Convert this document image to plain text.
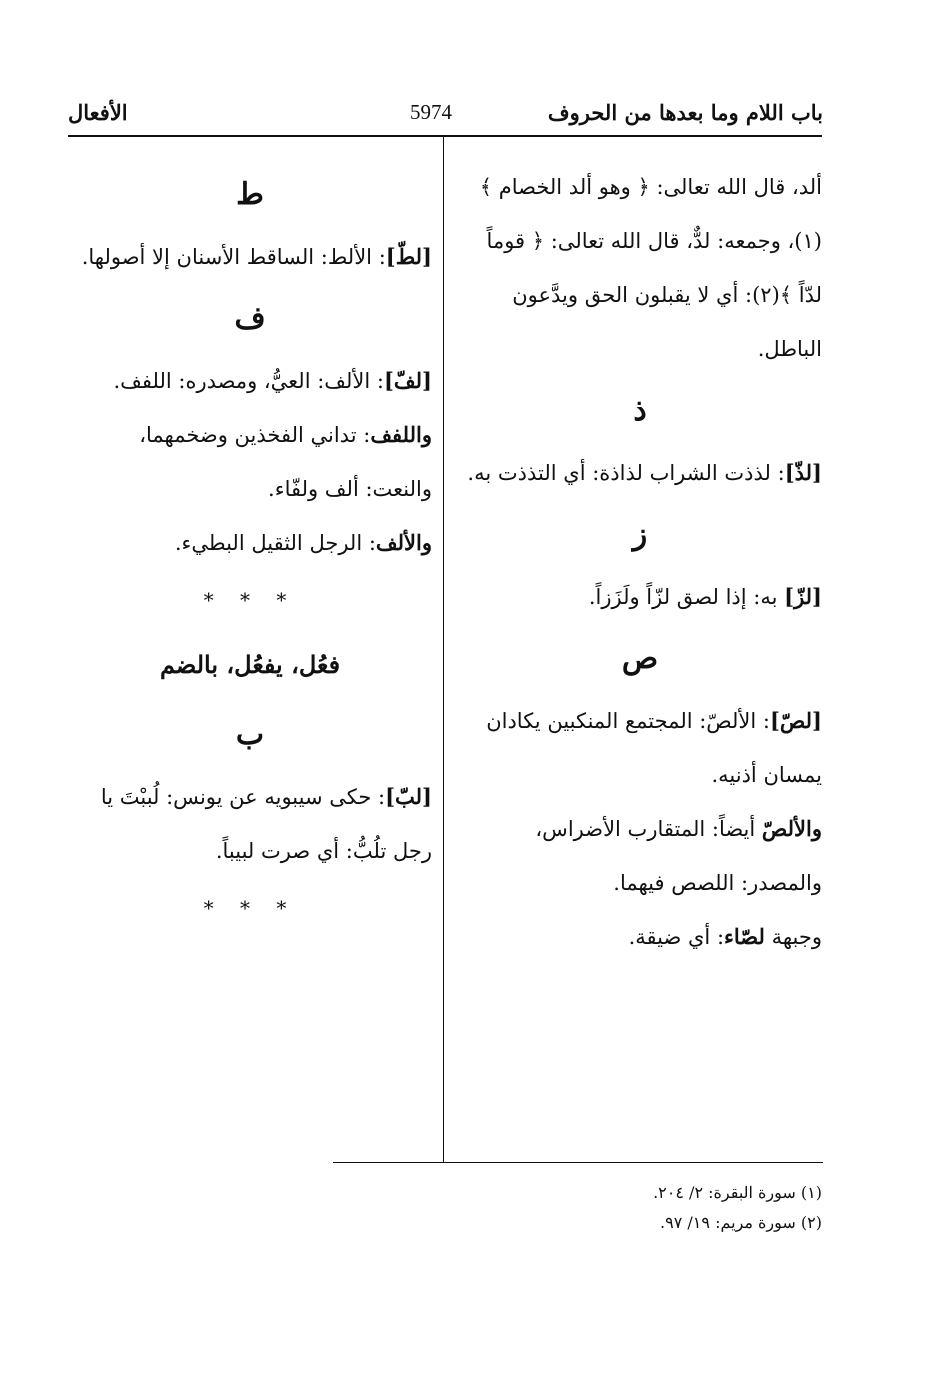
باب اللام وما بعدها من الحروف
5974
الأفعال

ألد، قال الله تعالى: ﴿ وهو ألد الخصام ﴾(١)، وجمعه: لدٌّ، قال الله تعالى: ﴿ قوماً لدّاً ﴾(٢): أي لا يقبلون الحق ويدَّعون الباطل.

ذ

[لذّ]: لذذت الشراب لذاذة: أي التذذت به.

ز

[لزّ] به: إذا لصق لزّاً ولَزَزاً.

ص

[لصّ]: الألصّ: المجتمع المنكبين يكادان يمسان أذنيه.

والألصّ أيضاً: المتقارب الأضراس، والمصدر: اللصص فيهما.

وجبهة لصّاء: أي ضيقة.

ط

[لطّ]: الألط: الساقط الأسنان إلا أصولها.

ف

[لفّ]: الألف: العيُّ، ومصدره: اللفف.

واللفف: تداني الفخذين وضخمهما، والنعت: ألف ولفّاء.

والألف: الرجل الثقيل البطيء.

* * *

فعُل، يفعُل، بالضم

ب

[لبّ]: حكى سيبويه عن يونس: لُببْتَ يا رجل تلُبُّ: أي صرت لبيباً.

* * *

(١) سورة البقرة: ٢/ ٢٠٤.

(٢) سورة مريم: ١٩/ ٩٧.
